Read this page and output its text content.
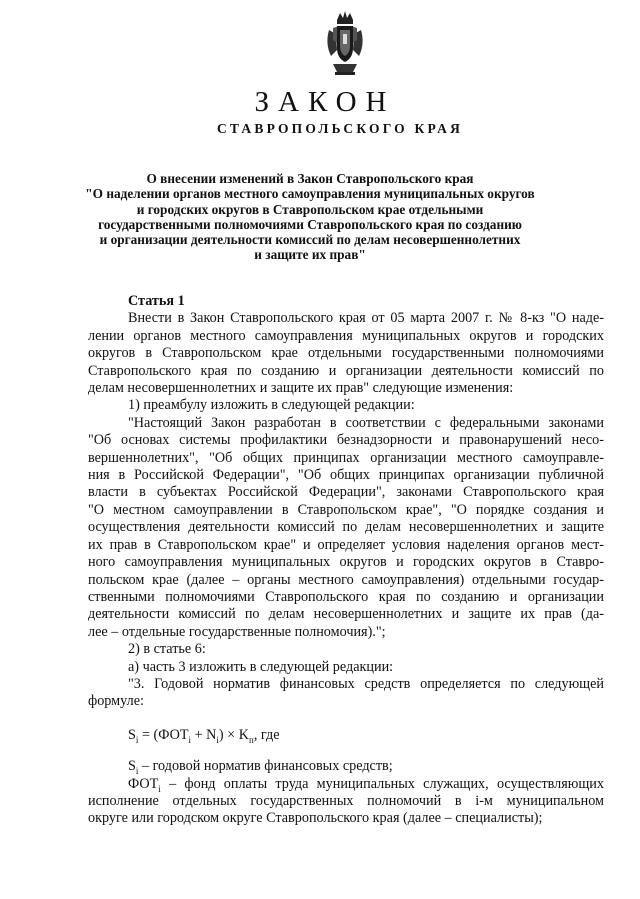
ЗАКОН
СТАВРОПОЛЬСКОГО КРАЯ
О внесении изменений в Закон Ставропольского края
"О наделении органов местного самоуправления муниципальных округов
и городских округов в Ставропольском крае отдельными
государственными полномочиями Ставропольского края по созданию
и организации деятельности комиссий по делам несовершеннолетних
и защите их прав"
Статья 1
Внести в Закон Ставропольского края от 05 марта 2007 г. № 8-кз "О наде-
лении органов местного самоуправления муниципальных округов и городских
округов в Ставропольском крае отдельными государственными полномочиями
Ставропольского края по созданию и организации деятельности комиссий по
делам несовершеннолетних и защите их прав" следующие изменения:
1) преамбулу изложить в следующей редакции:
"Настоящий Закон разработан в соответствии с федеральными законами
"Об основах системы профилактики безнадзорности и правонарушений несо-
вершеннолетних", "Об общих принципах организации местного самоуправле-
ния в Российской Федерации", "Об общих принципах организации публичной
власти в субъектах Российской Федерации", законами Ставропольского края
"О местном самоуправлении в Ставропольском крае", "О порядке создания и
осуществления деятельности комиссий по делам несовершеннолетних и защите
их прав в Ставропольском крае" и определяет условия наделения органов мест-
ного самоуправления муниципальных округов и городских округов в Ставро-
польском крае (далее – органы местного самоуправления) отдельными государ-
ственными полномочиями Ставропольского края по созданию и организации
деятельности комиссий по делам несовершеннолетних и защите их прав (да-
лее – отдельные государственные полномочия).";
2) в статье 6:
а) часть 3 изложить в следующей редакции:
"3. Годовой норматив финансовых средств определяется по следующей
формуле:
$S_i = (ФОТ_i + N_i) \times K_п$, где
$S_i$ – годовой норматив финансовых средств;
$ФОТ_i$ – фонд оплаты труда муниципальных служащих, осуществляющих
исполнение отдельных государственных полномочий в i-м муниципальном
округе или городском округе Ставропольского края (далее – специалисты);
